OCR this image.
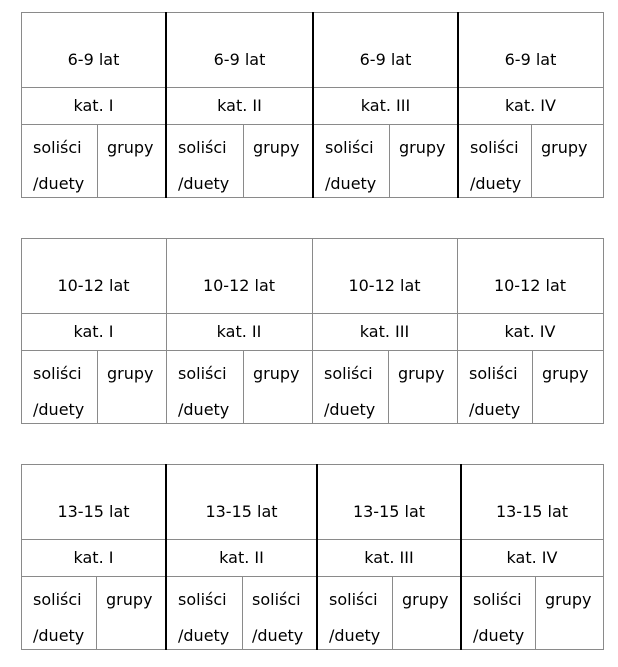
6-9 lat
kat. I
soliści
/duety
grupy
6-9 lat
kat. II
soliści
/duety
grupy
6-9 lat
kat. III
soliści
/duety
grupy
6-9 lat
kat. IV
soliści
/duety
grupy
10-12 lat
kat. I
soliści
/duety
grupy
10-12 lat
kat. II
soliści
/duety
grupy
10-12 lat
kat. III
soliści
/duety
grupy
10-12 lat
kat. IV
soliści
/duety
grupy
13-15 lat
kat. I
soliści
/duety
grupy
13-15 lat
kat. II
soliści
/duety
soliści
/duety
13-15 lat
kat. III
soliści
/duety
grupy
13-15 lat
kat. IV
soliści
/duety
grupy
